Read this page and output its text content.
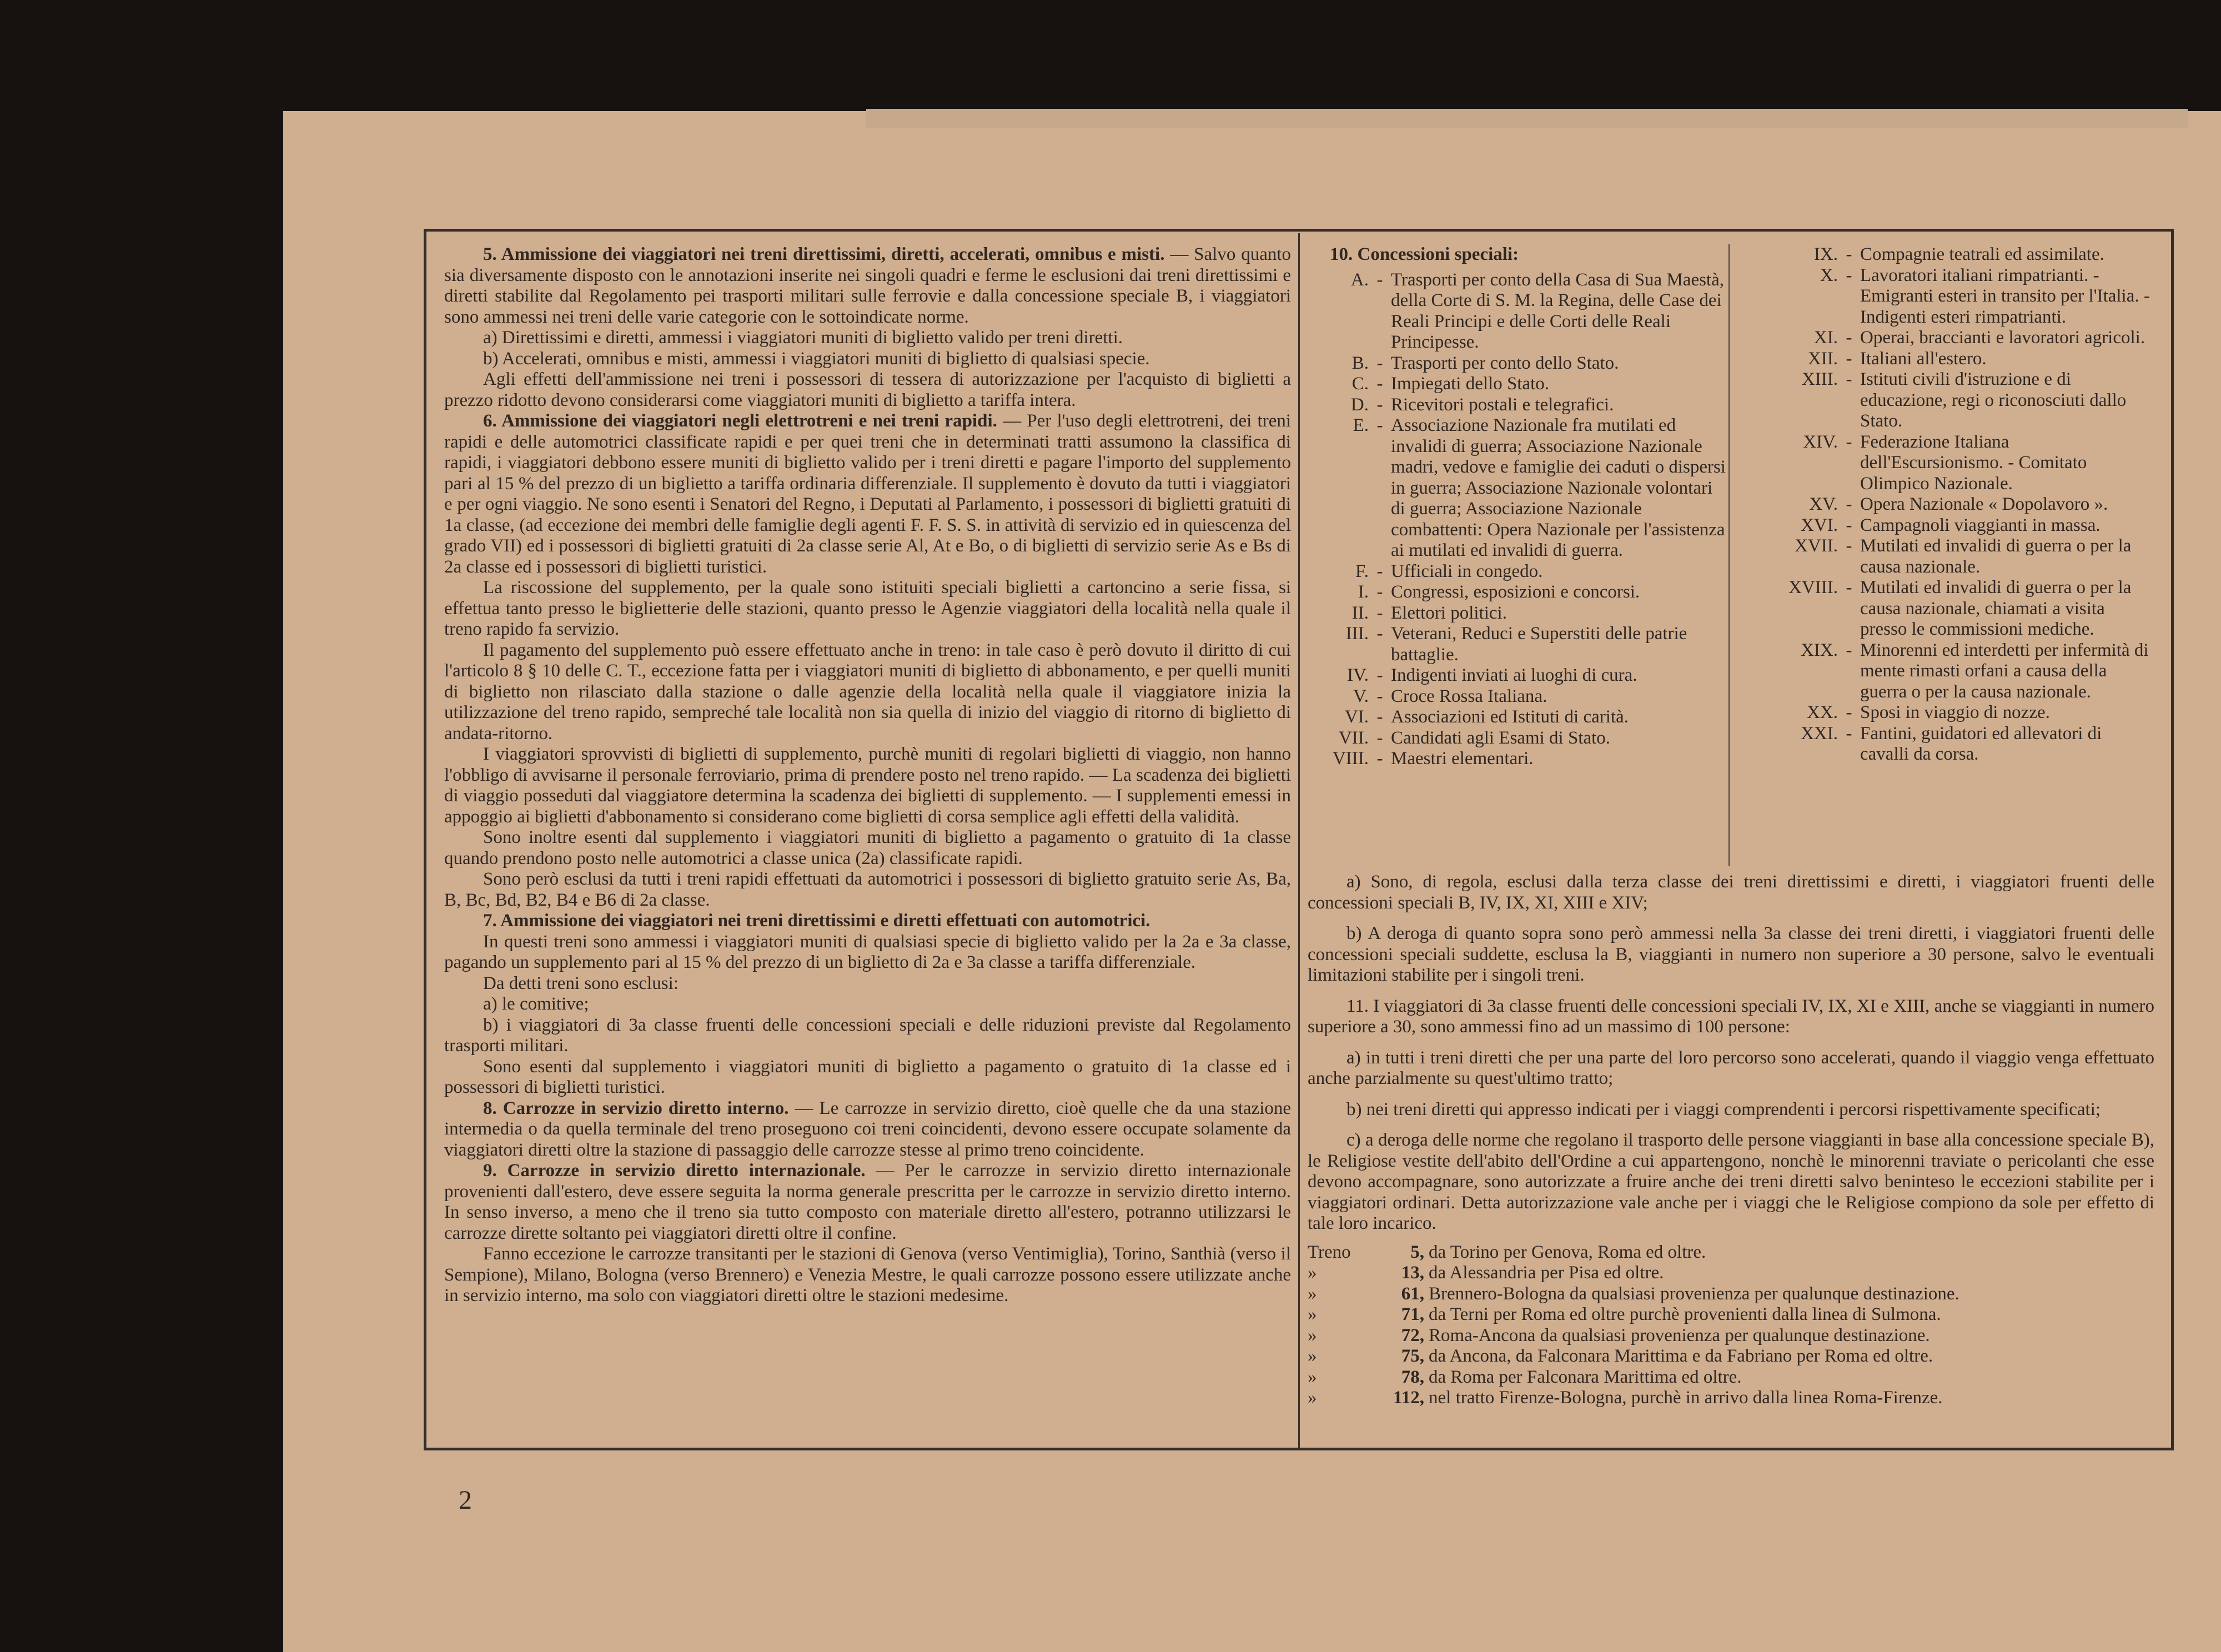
5. Ammissione dei viaggiatori nei treni direttissimi, diretti, accelerati, omnibus e misti. — Salvo quanto sia diversamente disposto con le annotazioni inserite nei singoli quadri e ferme le esclusioni dai treni direttissimi e diretti stabilite dal Regolamento pei trasporti militari sulle ferrovie e dalla concessione speciale B, i viaggiatori sono ammessi nei treni delle varie categorie con le sottoindicate norme.

a) Direttissimi e diretti, ammessi i viaggiatori muniti di biglietto valido per treni diretti.

b) Accelerati, omnibus e misti, ammessi i viaggiatori muniti di biglietto di qualsiasi specie.

Agli effetti dell'ammissione nei treni i possessori di tessera di autorizzazione per l'acquisto di biglietti a prezzo ridotto devono considerarsi come viaggiatori muniti di biglietto a tariffa intera.

6. Ammissione dei viaggiatori negli elettrotreni e nei treni rapidi. — Per l'uso degli elettrotreni, dei treni rapidi e delle automotrici classificate rapidi e per quei treni che in determinati tratti assumono la classifica di rapidi, i viaggiatori debbono essere muniti di biglietto valido per i treni diretti e pagare l'importo del supplemento pari al 15 % del prezzo di un biglietto a tariffa ordinaria differenziale. Il supplemento è dovuto da tutti i viaggiatori e per ogni viaggio. Ne sono esenti i Senatori del Regno, i Deputati al Parlamento, i possessori di biglietti gratuiti di 1a classe, (ad eccezione dei membri delle famiglie degli agenti F. F. S. S. in attività di servizio ed in quiescenza del grado VII) ed i possessori di biglietti gratuiti di 2a classe serie Al, At e Bo, o di biglietti di servizio serie As e Bs di 2a classe ed i possessori di biglietti turistici.

La riscossione del supplemento, per la quale sono istituiti speciali biglietti a cartoncino a serie fissa, si effettua tanto presso le biglietterie delle stazioni, quanto presso le Agenzie viaggiatori della località nella quale il treno rapido fa servizio.

Il pagamento del supplemento può essere effettuato anche in treno: in tale caso è però dovuto il diritto di cui l'articolo 8 § 10 delle C. T., eccezione fatta per i viaggiatori muniti di biglietto di abbonamento, e per quelli muniti di biglietto non rilasciato dalla stazione o dalle agenzie della località nella quale il viaggiatore inizia la utilizzazione del treno rapido, sempreché tale località non sia quella di inizio del viaggio di ritorno di biglietto di andata-ritorno.

I viaggiatori sprovvisti di biglietti di supplemento, purchè muniti di regolari biglietti di viaggio, non hanno l'obbligo di avvisarne il personale ferroviario, prima di prendere posto nel treno rapido. — La scadenza dei biglietti di viaggio posseduti dal viaggiatore determina la scadenza dei biglietti di supplemento. — I supplementi emessi in appoggio ai biglietti d'abbonamento si considerano come biglietti di corsa semplice agli effetti della validità.

Sono inoltre esenti dal supplemento i viaggiatori muniti di biglietto a pagamento o gratuito di 1a classe quando prendono posto nelle automotrici a classe unica (2a) classificate rapidi.

Sono però esclusi da tutti i treni rapidi effettuati da automotrici i possessori di biglietto gratuito serie As, Ba, B, Bc, Bd, B2, B4 e B6 di 2a classe.

7. Ammissione dei viaggiatori nei treni direttissimi e diretti effettuati con automotrici.

In questi treni sono ammessi i viaggiatori muniti di qualsiasi specie di biglietto valido per la 2a e 3a classe, pagando un supplemento pari al 15 % del prezzo di un biglietto di 2a e 3a classe a tariffa differenziale.

Da detti treni sono esclusi:

a) le comitive;

b) i viaggiatori di 3a classe fruenti delle concessioni speciali e delle riduzioni previste dal Regolamento trasporti militari.

Sono esenti dal supplemento i viaggiatori muniti di biglietto a pagamento o gratuito di 1a classe ed i possessori di biglietti turistici.

8. Carrozze in servizio diretto interno. — Le carrozze in servizio diretto, cioè quelle che da una stazione intermedia o da quella terminale del treno proseguono coi treni coincidenti, devono essere occupate solamente da viaggiatori diretti oltre la stazione di passaggio delle carrozze stesse al primo treno coincidente.

9. Carrozze in servizio diretto internazionale. — Per le carrozze in servizio diretto internazionale provenienti dall'estero, deve essere seguita la norma generale prescritta per le carrozze in servizio diretto interno. In senso inverso, a meno che il treno sia tutto composto con materiale diretto all'estero, potranno utilizzarsi le carrozze dirette soltanto pei viaggiatori diretti oltre il confine.

Fanno eccezione le carrozze transitanti per le stazioni di Genova (verso Ventimiglia), Torino, Santhià (verso il Sempione), Milano, Bologna (verso Brennero) e Venezia Mestre, le quali carrozze possono essere utilizzate anche in servizio interno, ma solo con viaggiatori diretti oltre le stazioni medesime.

10. Concessioni speciali:

A. - Trasporti per conto della Casa di Sua Maestà, della Corte di S. M. la Regina, delle Case dei Reali Principi e delle Corti delle Reali Principesse.
B. - Trasporti per conto dello Stato.
C. - Impiegati dello Stato.
D. - Ricevitori postali e telegrafici.
E. - Associazione Nazionale fra mutilati ed invalidi di guerra; Associazione Nazionale madri, vedove e famiglie dei caduti o dispersi in guerra; Associazione Nazionale volontari di guerra; Associazione Nazionale combattenti: Opera Nazionale per l'assistenza ai mutilati ed invalidi di guerra.
F. - Ufficiali in congedo.
I. - Congressi, esposizioni e concorsi.
II. - Elettori politici.
III. - Veterani, Reduci e Superstiti delle patrie battaglie.
IV. - Indigenti inviati ai luoghi di cura.
V. - Croce Rossa Italiana.
VI. - Associazioni ed Istituti di carità.
VII. - Candidati agli Esami di Stato.
VIII. - Maestri elementari.
IX. - Compagnie teatrali ed assimilate.
X. - Lavoratori italiani rimpatrianti. - Emigranti esteri in transito per l'Italia. - Indigenti esteri rimpatrianti.
XI. - Operai, braccianti e lavoratori agricoli.
XII. - Italiani all'estero.
XIII. - Istituti civili d'istruzione e di educazione, regi o riconosciuti dallo Stato.
XIV. - Federazione Italiana dell'Escursionismo. - Comitato Olimpico Nazionale.
XV. - Opera Nazionale « Dopolavoro ».
XVI. - Campagnoli viaggianti in massa.
XVII. - Mutilati ed invalidi di guerra o per la causa nazionale.
XVIII. - Mutilati ed invalidi di guerra o per la causa nazionale, chiamati a visita presso le commissioni mediche.
XIX. - Minorenni ed interdetti per infermità di mente rimasti orfani a causa della guerra o per la causa nazionale.
XX. - Sposi in viaggio di nozze.
XXI. - Fantini, guidatori ed allevatori di cavalli da corsa.

a) Sono, di regola, esclusi dalla terza classe dei treni direttissimi e diretti, i viaggiatori fruenti delle concessioni speciali B, IV, IX, XI, XIII e XIV;

b) A deroga di quanto sopra sono però ammessi nella 3a classe dei treni diretti, i viaggiatori fruenti delle concessioni speciali suddette, esclusa la B, viaggianti in numero non superiore a 30 persone, salvo le eventuali limitazioni stabilite per i singoli treni.

11. I viaggiatori di 3a classe fruenti delle concessioni speciali IV, IX, XI e XIII, anche se viaggianti in numero superiore a 30, sono ammessi fino ad un massimo di 100 persone:

a) in tutti i treni diretti che per una parte del loro percorso sono accelerati, quando il viaggio venga effettuato anche parzialmente su quest'ultimo tratto;

b) nei treni diretti qui appresso indicati per i viaggi comprendenti i percorsi rispettivamente specificati;

c) a deroga delle norme che regolano il trasporto delle persone viaggianti in base alla concessione speciale B), le Religiose vestite dell'abito dell'Ordine a cui appartengono, nonchè le minorenni traviate o pericolanti che esse devono accompagnare, sono autorizzate a fruire anche dei treni diretti salvo beninteso le eccezioni stabilite per i viaggiatori ordinari. Detta autorizzazione vale anche per i viaggi che le Religiose compiono da sole per effetto di tale loro incarico.

Treno	5, da Torino per Genova, Roma ed oltre.
»	13, da Alessandria per Pisa ed oltre.
»	61, Brennero-Bologna da qualsiasi provenienza per qualunque destinazione.
»	71, da Terni per Roma ed oltre purchè provenienti dalla linea di Sulmona.
»	72, Roma-Ancona da qualsiasi provenienza per qualunque destinazione.
»	75, da Ancona, da Falconara Marittima e da Fabriano per Roma ed oltre.
»	78, da Roma per Falconara Marittima ed oltre.
»	112, nel tratto Firenze-Bologna, purchè in arrivo dalla linea Roma-Firenze.
2
